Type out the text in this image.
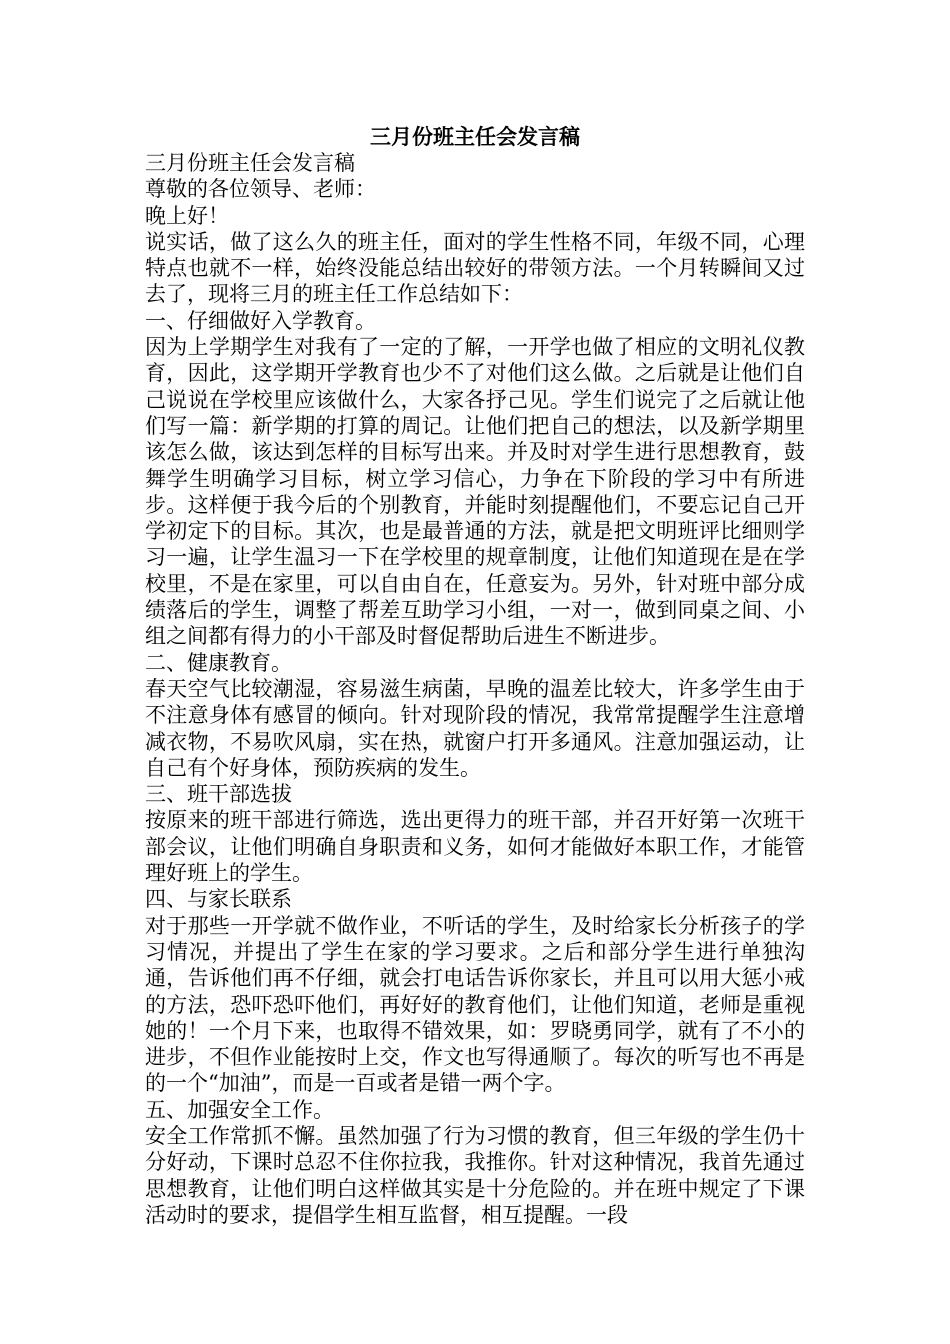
三月份班主任会发言稿

三月份班主任会发言稿

尊敬的各位领导、老师：

晚上好！

说实话，做了这么久的班主任，面对的学生性格不同，年级不同，心理特点也就不一样，始终没能总结出较好的带领方法。一个月转瞬间又过去了，现将三月的班主任工作总结如下：

一、仔细做好入学教育。

因为上学期学生对我有了一定的了解，一开学也做了相应的文明礼仪教育，因此，这学期开学教育也少不了对他们这么做。之后就是让他们自己说说在学校里应该做什么，大家各抒己见。学生们说完了之后就让他们写一篇：新学期的打算的周记。让他们把自己的想法，以及新学期里该怎么做，该达到怎样的目标写出来。并及时对学生进行思想教育，鼓舞学生明确学习目标，树立学习信心，力争在下阶段的学习中有所进步。这样便于我今后的个别教育，并能时刻提醒他们，不要忘记自己开学初定下的目标。其次，也是最普通的方法，就是把文明班评比细则学习一遍，让学生温习一下在学校里的规章制度，让他们知道现在是在学校里，不是在家里，可以自由自在，任意妄为。另外，针对班中部分成绩落后的学生，调整了帮差互助学习小组，一对一，做到同桌之间、小组之间都有得力的小干部及时督促帮助后进生不断进步。

二、健康教育。

春天空气比较潮湿，容易滋生病菌，早晚的温差比较大，许多学生由于不注意身体有感冒的倾向。针对现阶段的情况，我常常提醒学生注意增减衣物，不易吹风扇，实在热，就窗户打开多通风。注意加强运动，让自己有个好身体，预防疾病的发生。

三、班干部选拔

按原来的班干部进行筛选，选出更得力的班干部，并召开好第一次班干部会议，让他们明确自身职责和义务，如何才能做好本职工作，才能管理好班上的学生。

四、与家长联系

对于那些一开学就不做作业，不听话的学生，及时给家长分析孩子的学习情况，并提出了学生在家的学习要求。之后和部分学生进行单独沟通，告诉他们再不仔细，就会打电话告诉你家长，并且可以用大惩小戒的方法，恐吓恐吓他们，再好好的教育他们，让他们知道，老师是重视她的！一个月下来，也取得不错效果，如：罗晓勇同学，就有了不小的进步，不但作业能按时上交，作文也写得通顺了。每次的听写也不再是的一个“加油”，而是一百或者是错一两个字。

五、加强安全工作。

安全工作常抓不懈。虽然加强了行为习惯的教育，但三年级的学生仍十分好动，下课时总忍不住你拉我，我推你。针对这种情况，我首先通过思想教育，让他们明白这样做其实是十分危险的。并在班中规定了下课活动时的要求，提倡学生相互监督，相互提醒。一段
